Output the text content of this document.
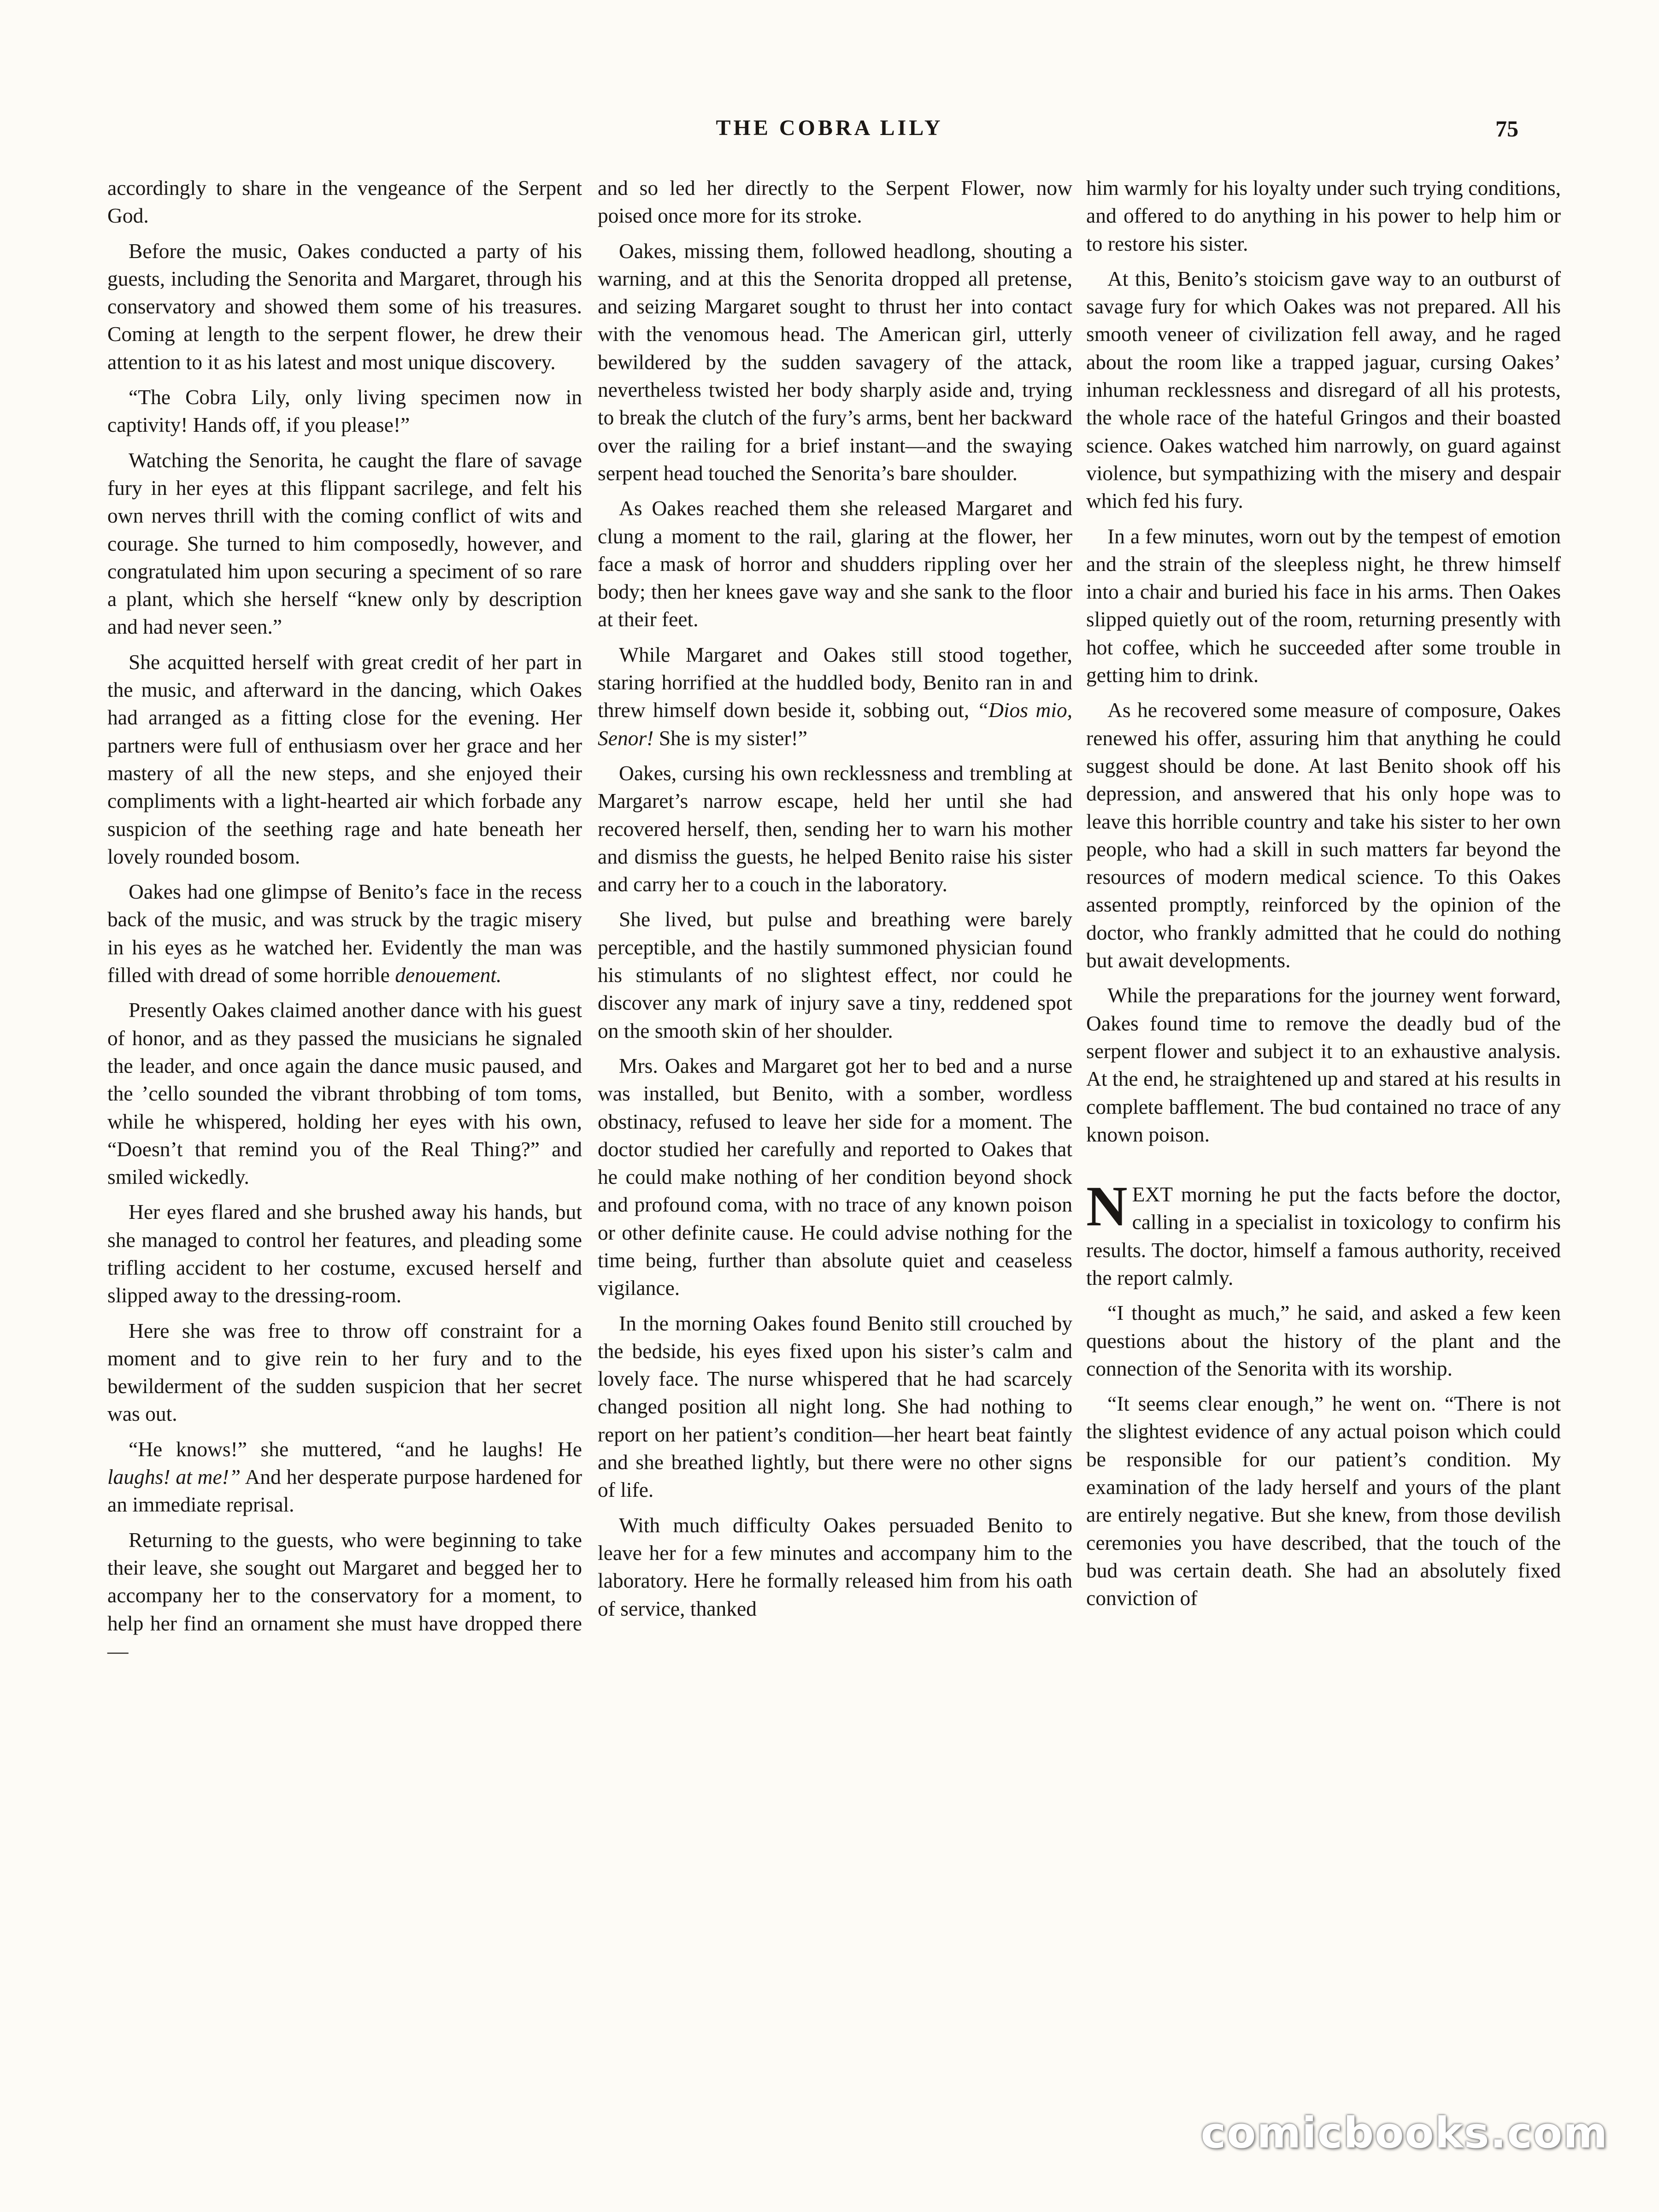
THE COBRA LILY	75

accordingly to share in the vengeance of the Serpent God.

Before the music, Oakes conducted a party of his guests, including the Senorita and Margaret, through his conservatory and showed them some of his treasures. Coming at length to the serpent flower, he drew their attention to it as his latest and most unique discovery.

“The Cobra Lily, only living specimen now in captivity! Hands off, if you please!”

Watching the Senorita, he caught the flare of savage fury in her eyes at this flippant sacrilege, and felt his own nerves thrill with the coming conflict of wits and courage. She turned to him composedly, however, and congratulated him upon securing a speciment of so rare a plant, which she herself “knew only by description and had never seen.”

She acquitted herself with great credit of her part in the music, and afterward in the dancing, which Oakes had arranged as a fitting close for the evening. Her partners were full of enthusiasm over her grace and her mastery of all the new steps, and she enjoyed their compliments with a light-hearted air which forbade any suspicion of the seething rage and hate beneath her lovely rounded bosom.

Oakes had one glimpse of Benito’s face in the recess back of the music, and was struck by the tragic misery in his eyes as he watched her. Evidently the man was filled with dread of some horrible denouement.

Presently Oakes claimed another dance with his guest of honor, and as they passed the musicians he signaled the leader, and once again the dance music paused, and the ’cello sounded the vibrant throbbing of tom toms, while he whispered, holding her eyes with his own, “Doesn’t that remind you of the Real Thing?” and smiled wickedly.

Her eyes flared and she brushed away his hands, but she managed to control her features, and pleading some trifling accident to her costume, excused herself and slipped away to the dressing-room.

Here she was free to throw off constraint for a moment and to give rein to her fury and to the bewilderment of the sudden suspicion that her secret was out.

“He knows!” she muttered, “and he laughs! He laughs! at me!” And her desperate purpose hardened for an immediate reprisal.

Returning to the guests, who were beginning to take their leave, she sought out Margaret and begged her to accompany her to the conservatory for a moment, to help her find an ornament she must have dropped there—

and so led her directly to the Serpent Flower, now poised once more for its stroke.

Oakes, missing them, followed headlong, shouting a warning, and at this the Senorita dropped all pretense, and seizing Margaret sought to thrust her into contact with the venomous head. The American girl, utterly bewildered by the sudden savagery of the attack, nevertheless twisted her body sharply aside and, trying to break the clutch of the fury’s arms, bent her backward over the railing for a brief instant—and the swaying serpent head touched the Senorita’s bare shoulder.

As Oakes reached them she released Margaret and clung a moment to the rail, glaring at the flower, her face a mask of horror and shudders rippling over her body; then her knees gave way and she sank to the floor at their feet.

While Margaret and Oakes still stood together, staring horrified at the huddled body, Benito ran in and threw himself down beside it, sobbing out, “Dios mio, Senor! She is my sister!”

Oakes, cursing his own recklessness and trembling at Margaret’s narrow escape, held her until she had recovered herself, then, sending her to warn his mother and dismiss the guests, he helped Benito raise his sister and carry her to a couch in the laboratory.

She lived, but pulse and breathing were barely perceptible, and the hastily summoned physician found his stimulants of no slightest effect, nor could he discover any mark of injury save a tiny, reddened spot on the smooth skin of her shoulder.

Mrs. Oakes and Margaret got her to bed and a nurse was installed, but Benito, with a somber, wordless obstinacy, refused to leave her side for a moment. The doctor studied her carefully and reported to Oakes that he could make nothing of her condition beyond shock and profound coma, with no trace of any known poison or other definite cause. He could advise nothing for the time being, further than absolute quiet and ceaseless vigilance.

In the morning Oakes found Benito still crouched by the bedside, his eyes fixed upon his sister’s calm and lovely face. The nurse whispered that he had scarcely changed position all night long. She had nothing to report on her patient’s condition—her heart beat faintly and she breathed lightly, but there were no other signs of life.

With much difficulty Oakes persuaded Benito to leave her for a few minutes and accompany him to the laboratory. Here he formally released him from his oath of service, thanked

him warmly for his loyalty under such trying conditions, and offered to do anything in his power to help him or to restore his sister.

At this, Benito’s stoicism gave way to an outburst of savage fury for which Oakes was not prepared. All his smooth veneer of civilization fell away, and he raged about the room like a trapped jaguar, cursing Oakes’ inhuman recklessness and disregard of all his protests, the whole race of the hateful Gringos and their boasted science. Oakes watched him narrowly, on guard against violence, but sympathizing with the misery and despair which fed his fury.

In a few minutes, worn out by the tempest of emotion and the strain of the sleepless night, he threw himself into a chair and buried his face in his arms. Then Oakes slipped quietly out of the room, returning presently with hot coffee, which he succeeded after some trouble in getting him to drink.

As he recovered some measure of composure, Oakes renewed his offer, assuring him that anything he could suggest should be done. At last Benito shook off his depression, and answered that his only hope was to leave this horrible country and take his sister to her own people, who had a skill in such matters far beyond the resources of modern medical science. To this Oakes assented promptly, reinforced by the opinion of the doctor, who frankly admitted that he could do nothing but await developments.

While the preparations for the journey went forward, Oakes found time to remove the deadly bud of the serpent flower and subject it to an exhaustive analysis. At the end, he straightened up and stared at his results in complete bafflement. The bud contained no trace of any known poison.

NEXT morning he put the facts before the doctor, calling in a specialist in toxicology to confirm his results. The doctor, himself a famous authority, received the report calmly.

“I thought as much,” he said, and asked a few keen questions about the history of the plant and the connection of the Senorita with its worship.

“It seems clear enough,” he went on. “There is not the slightest evidence of any actual poison which could be responsible for our patient’s condition. My examination of the lady herself and yours of the plant are entirely negative. But she knew, from those devilish ceremonies you have described, that the touch of the bud was certain death. She had an absolutely fixed conviction of

comicbooks.com
